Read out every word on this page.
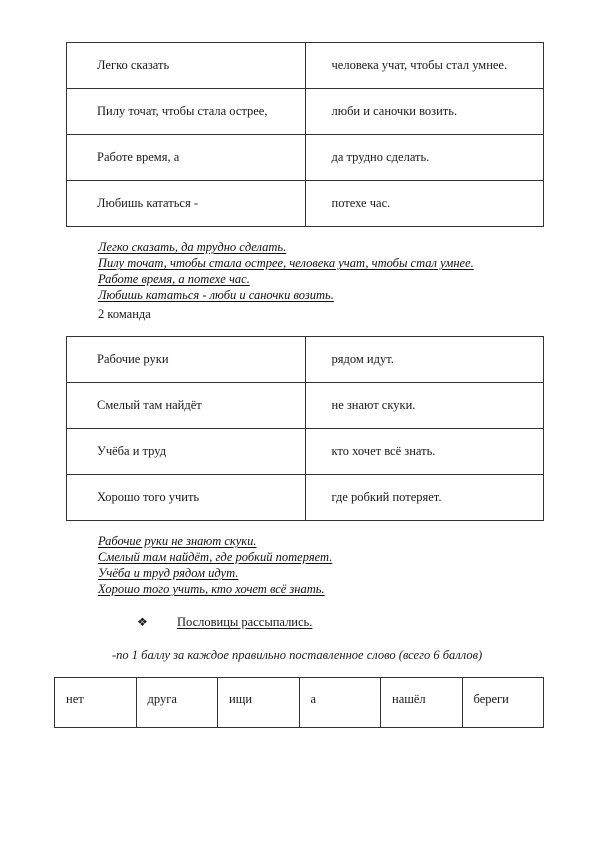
Легко сказать	человека учат, чтобы стал умнее.
Пилу точат, чтобы стала острее,	люби и саночки возить.
Работе время, а	да трудно сделать.
Любишь кататься -	потехе час.
Легко сказать, да трудно сделать.
Пилу точат, чтобы стала острее, человека учат, чтобы стал умнее.
Работе время, а потехе час.
Любишь кататься - люби и саночки возить.
2 команда
Рабочие руки	рядом идут.
Смелый там найдёт	не знают скуки.
Учёба и труд	кто хочет всё знать.
Хорошо того учить	где робкий потеряет.
Рабочие руки не знают скуки.
Смелый там найдёт, где робкий потеряет.
Учёба и труд рядом идут.
Хорошо того учить, кто хочет всё знать.
❖ Пословицы рассыпались.
-по 1 баллу за каждое правильно поставленное слово (всего 6 баллов)
нет	друга	ищи	а	нашёл	береги
